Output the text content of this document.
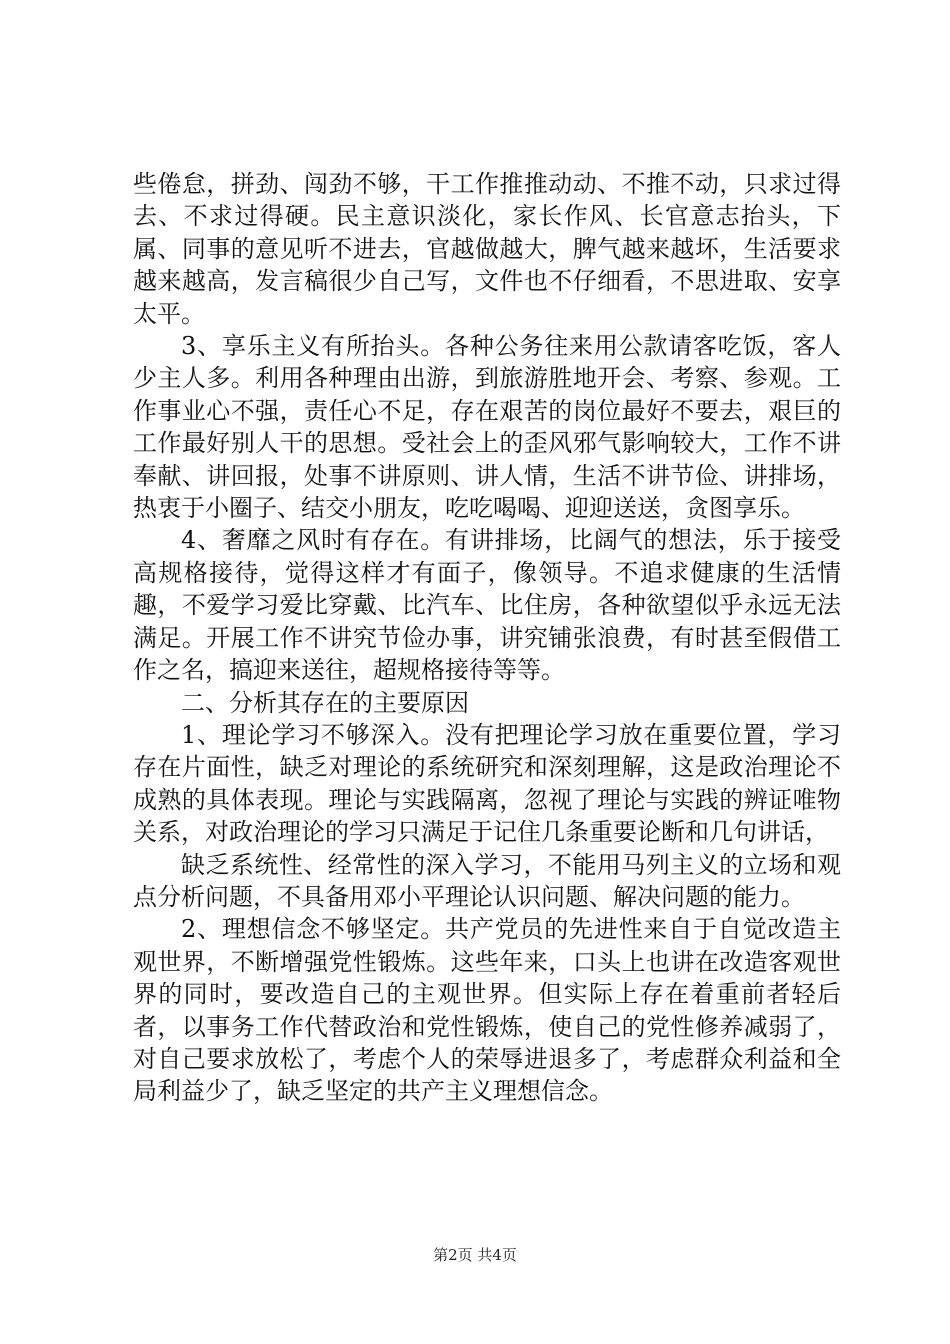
些倦怠，拼劲、闯劲不够，干工作推推动动、不推不动，只求过得去、不求过得硬。民主意识淡化，家长作风、长官意志抬头，下属、同事的意见听不进去，官越做越大，脾气越来越坏，生活要求越来越高，发言稿很少自己写，文件也不仔细看，不思进取、安享太平。

3、享乐主义有所抬头。各种公务往来用公款请客吃饭，客人少主人多。利用各种理由出游，到旅游胜地开会、考察、参观。工作事业心不强，责任心不足，存在艰苦的岗位最好不要去，艰巨的工作最好别人干的思想。受社会上的歪风邪气影响较大，工作不讲奉献、讲回报，处事不讲原则、讲人情，生活不讲节俭、讲排场，热衷于小圈子、结交小朋友，吃吃喝喝、迎迎送送，贪图享乐。

4、奢靡之风时有存在。有讲排场，比阔气的想法，乐于接受高规格接待，觉得这样才有面子，像领导。不追求健康的生活情趣，不爱学习爱比穿戴、比汽车、比住房，各种欲望似乎永远无法满足。开展工作不讲究节俭办事，讲究铺张浪费，有时甚至假借工作之名，搞迎来送往，超规格接待等等。

二、分析其存在的主要原因

1、理论学习不够深入。没有把理论学习放在重要位置，学习存在片面性，缺乏对理论的系统研究和深刻理解，这是政治理论不成熟的具体表现。理论与实践隔离，忽视了理论与实践的辨证唯物关系，对政治理论的学习只满足于记住几条重要论断和几句讲话，

缺乏系统性、经常性的深入学习，不能用马列主义的立场和观点分析问题，不具备用邓小平理论认识问题、解决问题的能力。

2、理想信念不够坚定。共产党员的先进性来自于自觉改造主观世界，不断增强党性锻炼。这些年来，口头上也讲在改造客观世界的同时，要改造自己的主观世界。但实际上存在着重前者轻后者，以事务工作代替政治和党性锻炼，使自己的党性修养减弱了，对自己要求放松了，考虑个人的荣辱进退多了，考虑群众利益和全局利益少了，缺乏坚定的共产主义理想信念。

第2页 共4页
